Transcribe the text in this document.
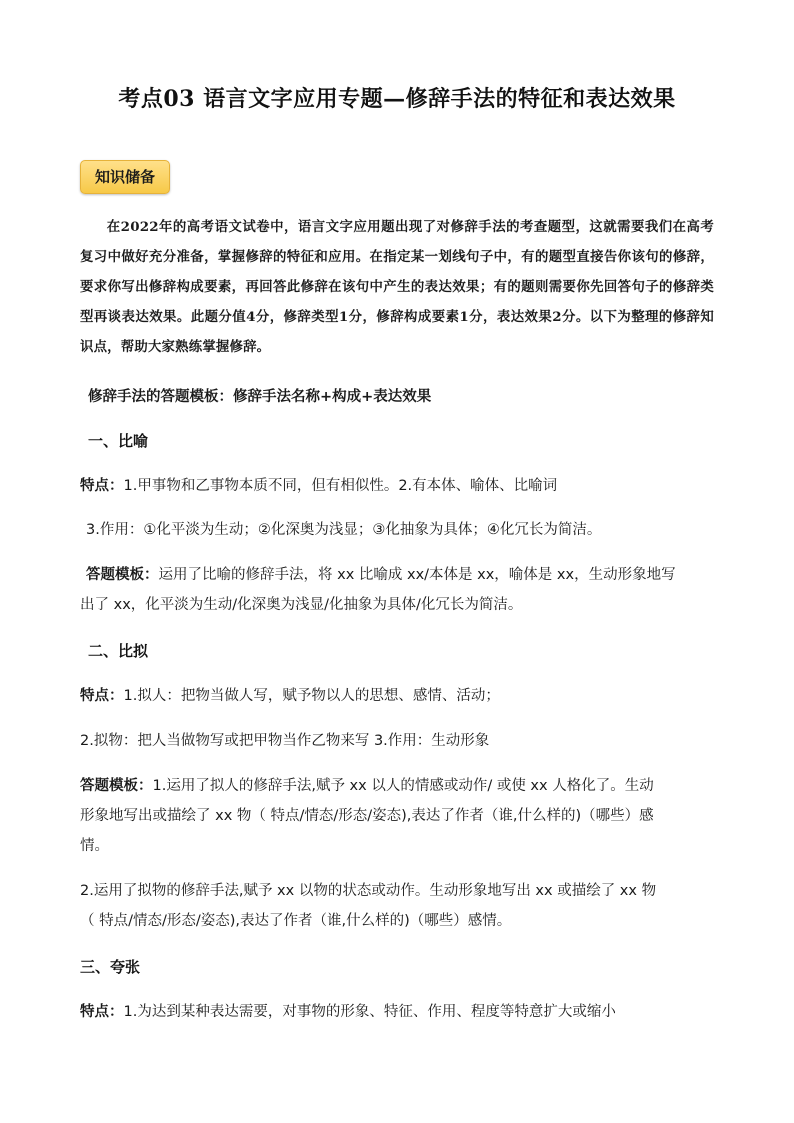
考点03 语言文字应用专题—修辞手法的特征和表达效果
知识储备
在2022年的高考语文试卷中，语言文字应用题出现了对修辞手法的考查题型，这就需要我们在高考复习中做好充分准备，掌握修辞的特征和应用。在指定某一划线句子中，有的题型直接告你该句的修辞，要求你写出修辞构成要素，再回答此修辞在该句中产生的表达效果；有的题则需要你先回答句子的修辞类型再谈表达效果。此题分值4分，修辞类型1分，修辞构成要素1分，表达效果2分。以下为整理的修辞知识点，帮助大家熟练掌握修辞。
修辞手法的答题模板：修辞手法名称+构成+表达效果
一、比喻
特点：1.甲事物和乙事物本质不同，但有相似性。2.有本体、喻体、比喻词
3.作用：①化平淡为生动；②化深奥为浅显；③化抽象为具体；④化冗长为简洁。
答题模板：运用了比喻的修辞手法，将 xx 比喻成 xx/本体是 xx，喻体是 xx，生动形象地写
出了 xx，化平淡为生动/化深奥为浅显/化抽象为具体/化冗长为简洁。
二、比拟
特点：1.拟人：把物当做人写，赋予物以人的思想、感情、活动；
2.拟物：把人当做物写或把甲物当作乙物来写 3.作用：生动形象
答题模板：1.运用了拟人的修辞手法,赋予 xx 以人的情感或动作/ 或使 xx 人格化了。生动
形象地写出或描绘了 xx 物（ 特点/情态/形态/姿态),表达了作者（谁,什么样的)（哪些）感
情。
2.运用了拟物的修辞手法,赋予 xx 以物的状态或动作。生动形象地写出 xx 或描绘了 xx 物
（ 特点/情态/形态/姿态),表达了作者（谁,什么样的)（哪些）感情。
三、夸张
特点：1.为达到某种表达需要，对事物的形象、特征、作用、程度等特意扩大或缩小
